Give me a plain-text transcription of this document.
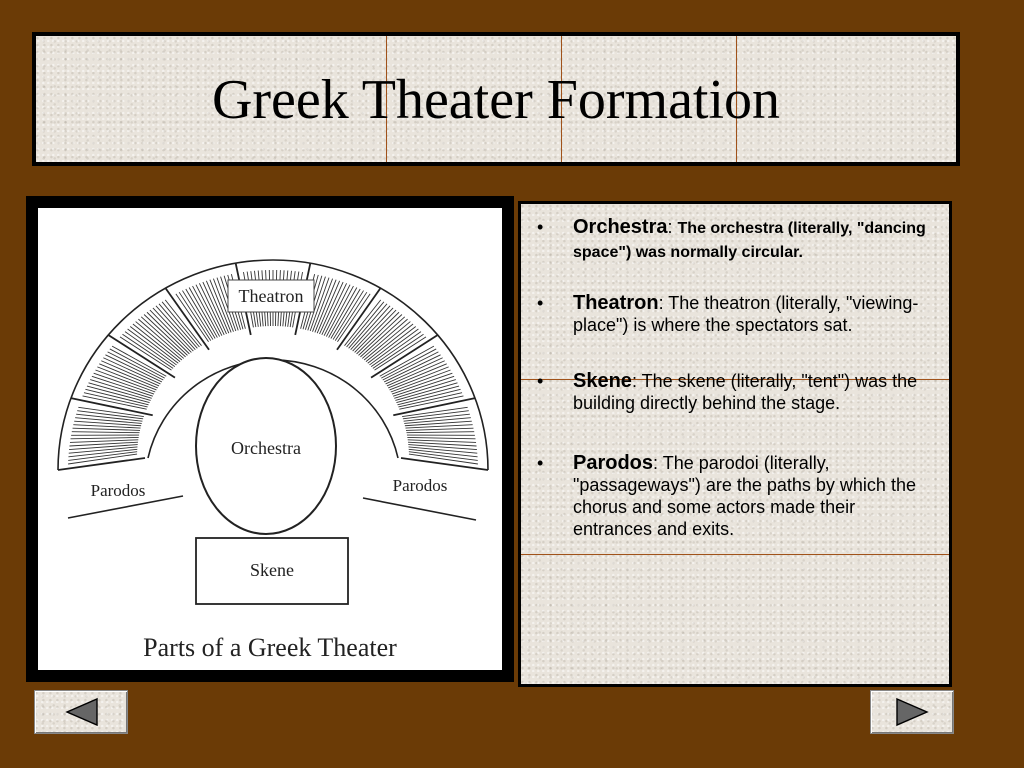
Greek Theater Formation
Theatron
Orchestra
Parodos	Parodos
Skene
Parts of a Greek Theater
• Orchestra: The orchestra (literally, "dancing space") was normally circular.
• Theatron: The theatron (literally, "viewing-place") is where the spectators sat.
• Skene: The skene (literally, "tent") was the building directly behind the stage.
• Parodos: The parodoi (literally, "passageways") are the paths by which the chorus and some actors made their entrances and exits.
